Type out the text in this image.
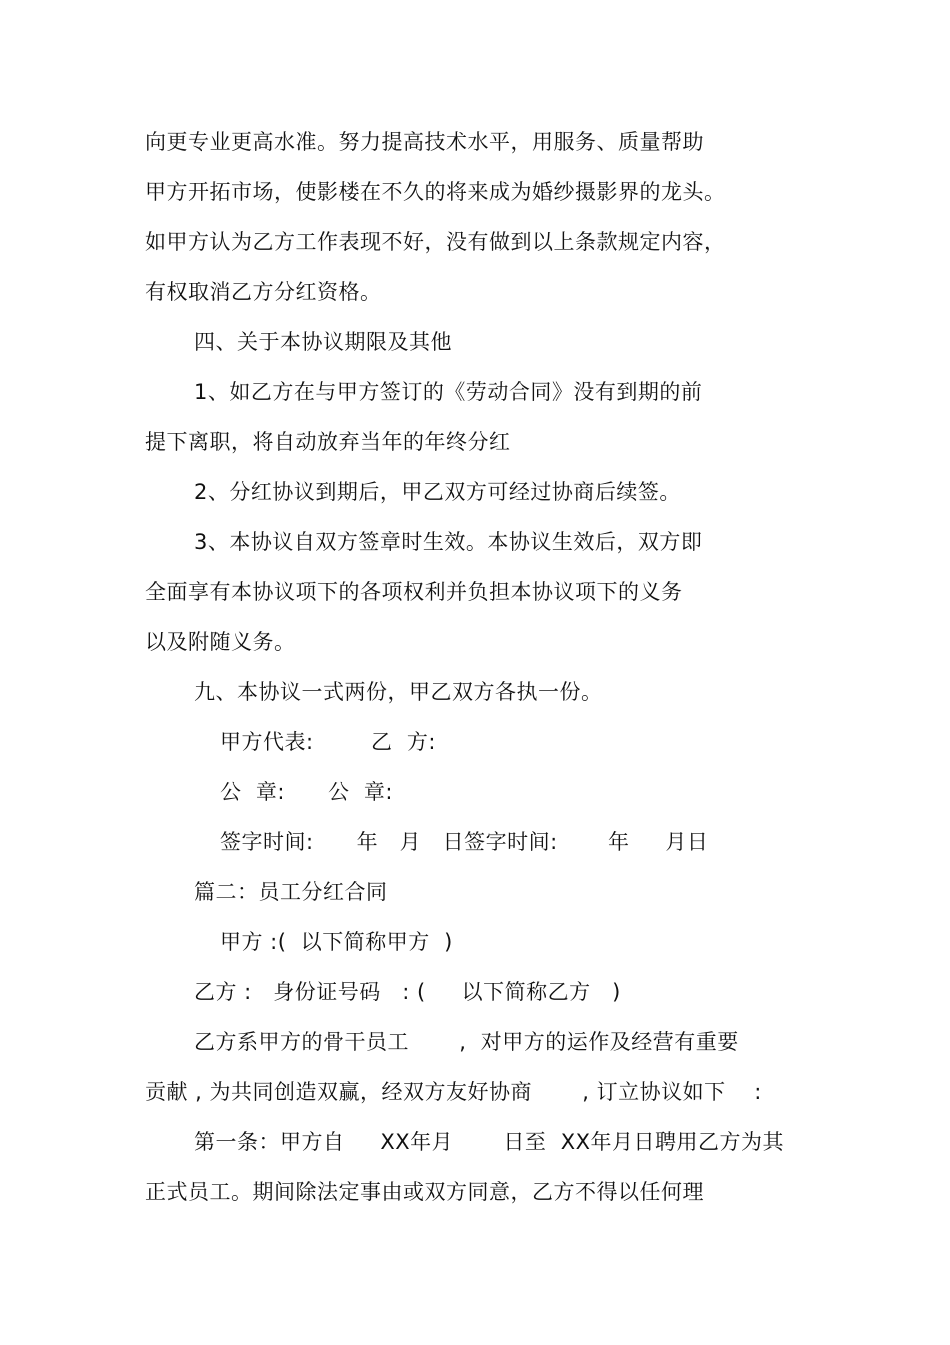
向更专业更高水准。努力提高技术水平，用服务、质量帮助
甲方开拓市场，使影楼在不久的将来成为婚纱摄影界的龙头。
如甲方认为乙方工作表现不好，没有做到以上条款规定内容，
有权取消乙方分红资格。
四、关于本协议期限及其他
1、如乙方在与甲方签订的《劳动合同》没有到期的前
提下离职，将自动放弃当年的年终分红
2、分红协议到期后，甲乙双方可经过协商后续签。
3、本协议自双方签章时生效。本协议生效后，双方即
全面享有本协议项下的各项权利并负担本协议项下的义务
以及附随义务。
九、本协议一式两份，甲乙双方各执一份。
甲方代表:        乙  方:
公  章:      公  章:
签字时间:      年   月   日签字时间:       年     月日
篇二：员工分红合同
甲方 :(  以下简称甲方  )
乙方 :   身份证号码   : (     以下简称乙方   )
乙方系甲方的骨干员工       ,  对甲方的运作及经营有重要
贡献 , 为共同创造双赢，经双方友好协商       , 订立协议如下    :
第一条：甲方自     XX年月       日至  XX年月日聘用乙方为其
正式员工。期间除法定事由或双方同意，乙方不得以任何理
